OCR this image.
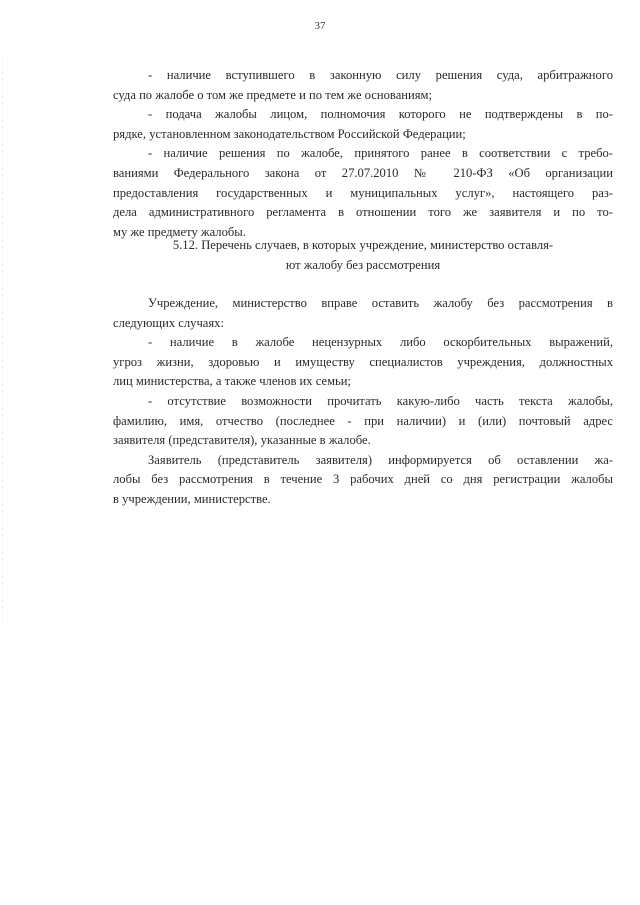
37
- наличие вступившего в законную силу решения суда, арбитражного
суда по жалобе о том же предмете и по тем же основаниям;
- подача жалобы лицом, полномочия которого не подтверждены в по-
рядке, установленном законодательством Российской Федерации;
- наличие решения по жалобе, принятого ранее в соответствии с требо-
ваниями Федерального закона от 27.07.2010 № 210-ФЗ «Об организации
предоставления государственных и муниципальных услуг», настоящего раз-
дела административного регламента в отношении того же заявителя и по то-
му же предмету жалобы.
5.12. Перечень случаев, в которых учреждение, министерство оставля-
ют жалобу без рассмотрения
Учреждение, министерство вправе оставить жалобу без рассмотрения в
следующих случаях:
- наличие в жалобе нецензурных либо оскорбительных выражений,
угроз жизни, здоровью и имуществу специалистов учреждения, должностных
лиц министерства, а также членов их семьи;
- отсутствие возможности прочитать какую-либо часть текста жалобы,
фамилию, имя, отчество (последнее - при наличии) и (или) почтовый адрес
заявителя (представителя), указанные в жалобе.
Заявитель (представитель заявителя) информируется об оставлении жа-
лобы без рассмотрения в течение 3 рабочих дней со дня регистрации жалобы
в учреждении, министерстве.
